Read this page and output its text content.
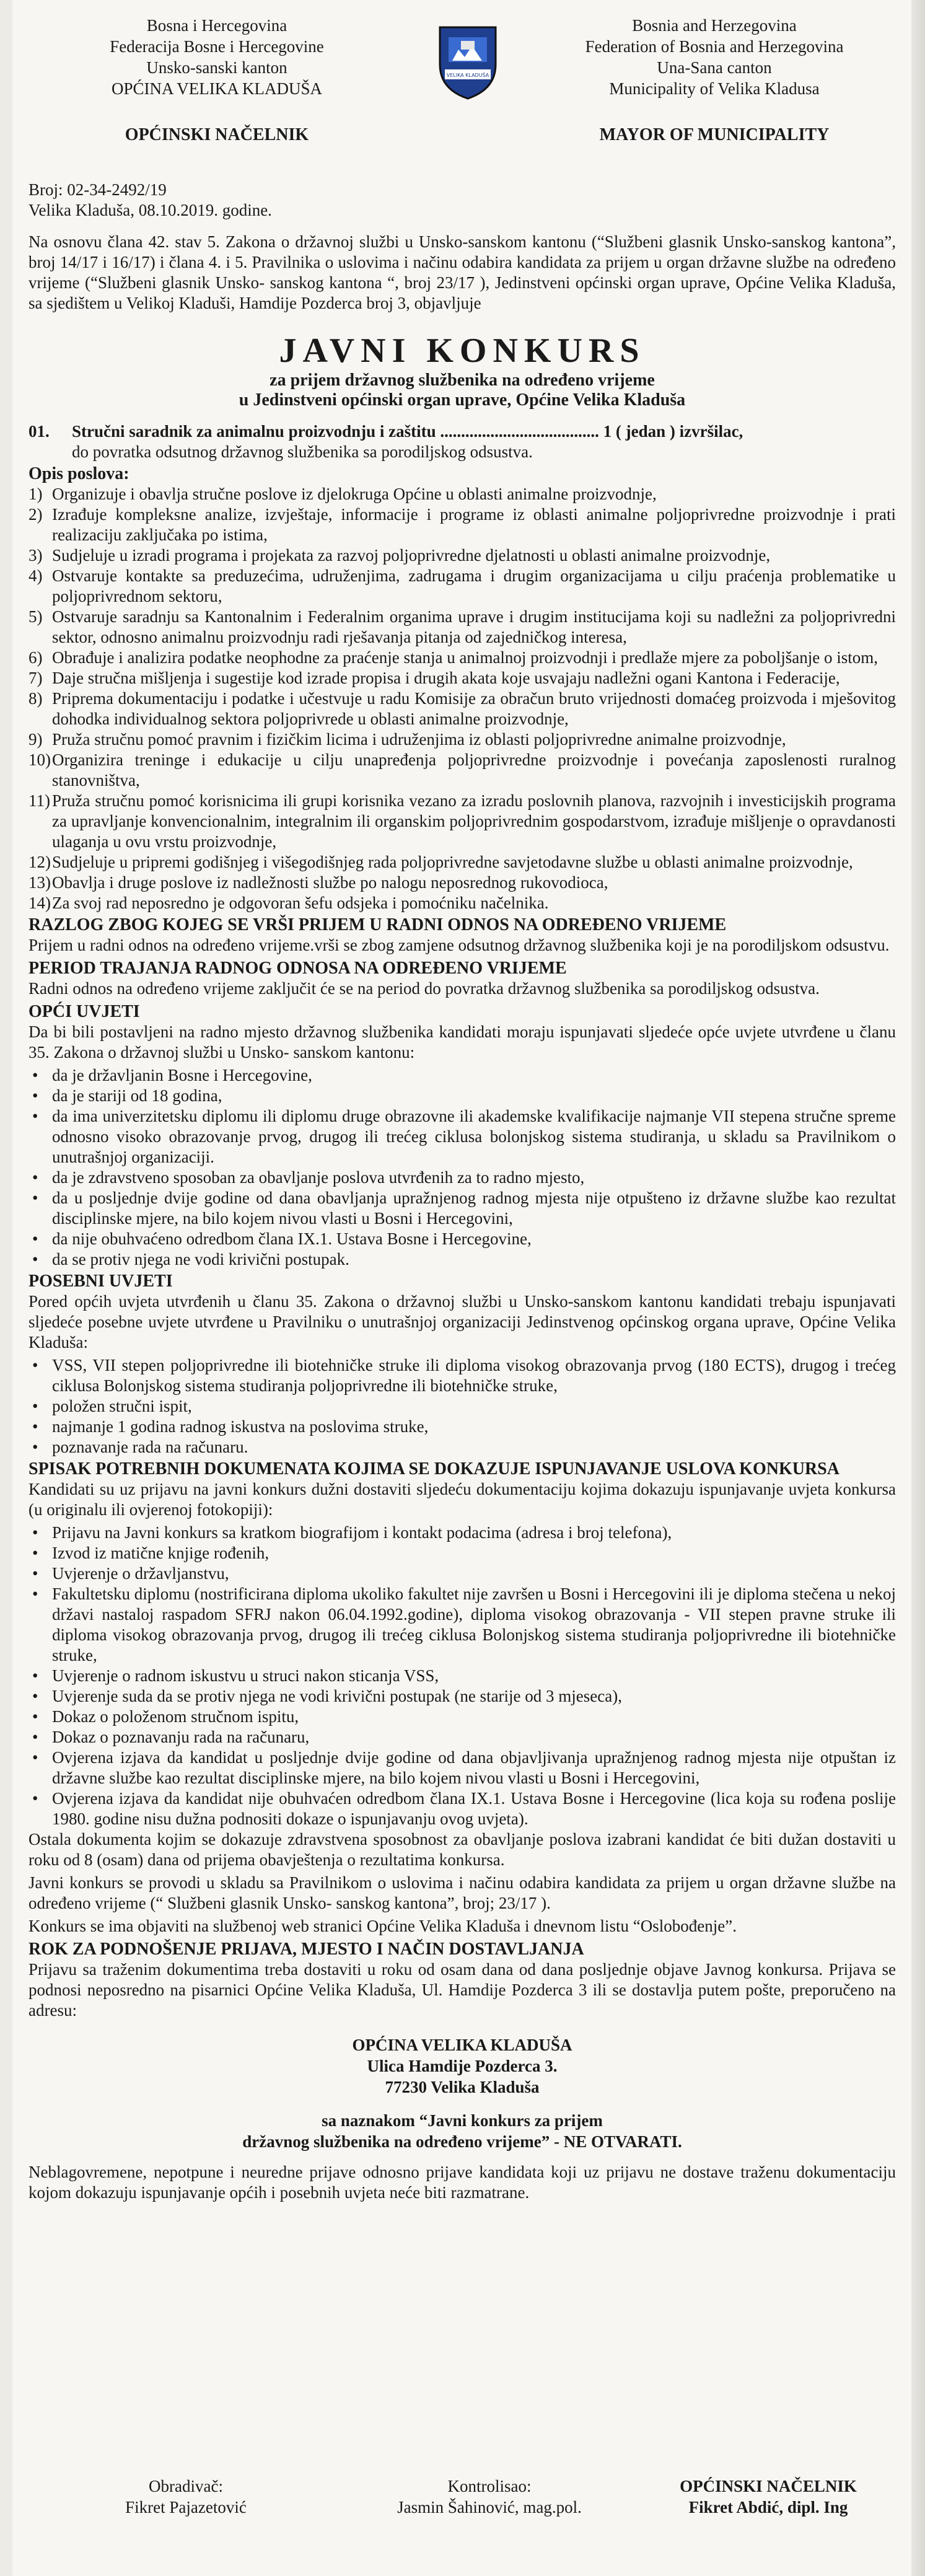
Bosna i Hercegovina
Federacija Bosne i Hercegovine
Unsko-sanski kanton
OPĆINA VELIKA KLADUŠA
VELIKA KLADUŠA
Bosnia and Herzegovina
Federation of Bosnia and Herzegovina
Una-Sana canton
Municipality of Velika Kladusa
OPĆINSKI NAČELNIK	MAYOR OF MUNICIPALITY
Broj: 02-34-2492/19
Velika Kladuša, 08.10.2019. godine.
Na osnovu člana 42. stav 5. Zakona o državnoj službi u Unsko-sanskom kantonu (“Službeni glasnik Unsko-sanskog kantona”, broj 14/17 i 16/17) i člana 4. i 5. Pravilnika o uslovima i načinu odabira kandidata za prijem u organ državne službe na određeno vrijeme (“Službeni glasnik Unsko- sanskog kantona “, broj 23/17 ), Jedinstveni općinski organ uprave, Općine Velika Kladuša, sa sjedištem u Velikoj Kladuši, Hamdije Pozderca broj 3, objavljuje
JAVNI KONKURS
za prijem državnog službenika na određeno vrijeme
u Jedinstveni općinski organ uprave, Općine Velika Kladuša
01.	Stručni saradnik za animalnu proizvodnju i zaštitu ...................................... 1 ( jedan ) izvršilac,
do povratka odsutnog državnog službenika sa porodiljskog odsustva.
Opis poslova:
1) Organizuje i obavlja stručne poslove iz djelokruga Općine u oblasti animalne proizvodnje,
2) Izrađuje kompleksne analize, izvještaje, informacije i programe iz oblasti animalne poljoprivredne proizvodnje i prati realizaciju zaključaka po istima,
3) Sudjeluje u izradi programa i projekata za razvoj poljoprivredne djelatnosti u oblasti animalne proizvodnje,
4) Ostvaruje kontakte sa preduzećima, udruženjima, zadrugama i drugim organizacijama u cilju praćenja problematike u poljoprivrednom sektoru,
5) Ostvaruje saradnju sa Kantonalnim i Federalnim organima uprave i drugim institucijama koji su nadležni za poljoprivredni sektor, odnosno animalnu proizvodnju radi rješavanja pitanja od zajedničkog interesa,
6) Obrađuje i analizira podatke neophodne za praćenje stanja u animalnoj proizvodnji i predlaže mjere za poboljšanje o istom,
7) Daje stručna mišljenja i sugestije kod izrade propisa i drugih akata koje usvajaju nadležni ogani Kantona i Federacije,
8) Priprema dokumentaciju i podatke i učestvuje u radu Komisije za obračun bruto vrijednosti domaćeg proizvoda i mješovitog dohodka individualnog sektora poljoprivrede u oblasti animalne proizvodnje,
9) Pruža stručnu pomoć pravnim i fizičkim licima i udruženjima iz oblasti poljoprivredne animalne proizvodnje,
10) Organizira treninge i edukacije u cilju unapređenja poljoprivredne proizvodnje i povećanja zaposlenosti ruralnog stanovništva,
11) Pruža stručnu pomoć korisnicima ili grupi korisnika vezano za izradu poslovnih planova, razvojnih i investicijskih programa za upravljanje konvencionalnim, integralnim ili organskim poljoprivrednim gospodarstvom, izrađuje mišljenje o opravdanosti ulaganja u ovu vrstu proizvodnje,
12) Sudjeluje u pripremi godišnjeg i višegodišnjeg rada poljoprivredne savjetodavne službe u oblasti animalne proizvodnje,
13) Obavlja i druge poslove iz nadležnosti službe po nalogu neposrednog rukovodioca,
14) Za svoj rad neposredno je odgovoran šefu odsjeka i pomoćniku načelnika.
RAZLOG ZBOG KOJEG SE VRŠI PRIJEM U RADNI ODNOS NA ODREĐENO VRIJEME
Prijem u radni odnos na određeno vrijeme.vrši se zbog zamjene odsutnog državnog službenika koji je na porodiljskom odsustvu.
PERIOD TRAJANJA RADNOG ODNOSA NA ODREĐENO VRIJEME
Radni odnos na određeno vrijeme zaključit će se na period do povratka državnog službenika sa porodiljskog odsustva.
OPĆI UVJETI
Da bi bili postavljeni na radno mjesto državnog službenika kandidati moraju ispunjavati sljedeće opće uvjete utvrđene u članu 35. Zakona o državnoj službi u Unsko- sanskom kantonu:
• da je državljanin Bosne i Hercegovine,
• da je stariji od 18 godina,
• da ima univerzitetsku diplomu ili diplomu druge obrazovne ili akademske kvalifikacije najmanje VII stepena stručne spreme odnosno visoko obrazovanje prvog, drugog ili trećeg ciklusa bolonjskog sistema studiranja, u skladu sa Pravilnikom o unutrašnjoj organizaciji.
• da je zdravstveno sposoban za obavljanje poslova utvrđenih za to radno mjesto,
• da u posljednje dvije godine od dana obavljanja upražnjenog radnog mjesta nije otpušteno iz državne službe kao rezultat disciplinske mjere, na bilo kojem nivou vlasti u Bosni i Hercegovini,
• da nije obuhvaćeno odredbom člana IX.1. Ustava Bosne i Hercegovine,
• da se protiv njega ne vodi krivični postupak.
POSEBNI UVJETI
Pored općih uvjeta utvrđenih u članu 35. Zakona o državnoj službi u Unsko-sanskom kantonu kandidati trebaju ispunjavati sljedeće posebne uvjete utvrđene u Pravilniku o unutrašnjoj organizaciji Jedinstvenog općinskog organa uprave, Općine Velika Kladuša:
• VSS, VII stepen poljoprivredne ili biotehničke struke ili diploma visokog obrazovanja prvog (180 ECTS), drugog i trećeg ciklusa Bolonjskog sistema studiranja poljoprivredne ili biotehničke struke,
• položen stručni ispit,
• najmanje 1 godina radnog iskustva na poslovima struke,
• poznavanje rada na računaru.
SPISAK POTREBNIH DOKUMENATA KOJIMA SE DOKAZUJE ISPUNJAVANJE USLOVA KONKURSA
Kandidati su uz prijavu na javni konkurs dužni dostaviti sljedeću dokumentaciju kojima dokazuju ispunjavanje uvjeta konkursa (u originalu ili ovjerenoj fotokopiji):
• Prijavu na Javni konkurs sa kratkom biografijom i kontakt podacima (adresa i broj telefona),
• Izvod iz matične knjige rođenih,
• Uvjerenje o državljanstvu,
• Fakultetsku diplomu (nostrificirana diploma ukoliko fakultet nije završen u Bosni i Hercegovini ili je diploma stečena u nekoj državi nastaloj raspadom SFRJ nakon 06.04.1992.godine), diploma visokog obrazovanja - VII stepen pravne struke ili diploma visokog obrazovanja prvog, drugog ili trećeg ciklusa Bolonjskog sistema studiranja poljoprivredne ili biotehničke struke,
• Uvjerenje o radnom iskustvu u struci nakon sticanja VSS,
• Uvjerenje suda da se protiv njega ne vodi krivični postupak (ne starije od 3 mjeseca),
• Dokaz o položenom stručnom ispitu,
• Dokaz o poznavanju rada na računaru,
• Ovjerena izjava da kandidat u posljednje dvije godine od dana objavljivanja upražnjenog radnog mjesta nije otpuštan iz državne službe kao rezultat disciplinske mjere, na bilo kojem nivou vlasti u Bosni i Hercegovini,
• Ovjerena izjava da kandidat nije obuhvaćen odredbom člana IX.1. Ustava Bosne i Hercegovine (lica koja su rođena poslije 1980. godine nisu dužna podnositi dokaze o ispunjavanju ovog uvjeta).
Ostala dokumenta kojim se dokazuje zdravstvena sposobnost za obavljanje poslova izabrani kandidat će biti dužan dostaviti u roku od 8 (osam) dana od prijema obavještenja o rezultatima konkursa.
Javni konkurs se provodi u skladu sa Pravilnikom o uslovima i načinu odabira kandidata za prijem u organ državne službe na određeno vrijeme (“ Službeni glasnik Unsko- sanskog kantona”, broj; 23/17 ).
Konkurs se ima objaviti na službenoj web stranici Općine Velika Kladuša i dnevnom listu “Oslobođenje”.
ROK ZA PODNOŠENJE PRIJAVA, MJESTO I NAČIN DOSTAVLJANJA
Prijavu sa traženim dokumentima treba dostaviti u roku od osam dana od dana posljednje objave Javnog konkursa. Prijava se podnosi neposredno na pisarnici Općine Velika Kladuša, Ul. Hamdije Pozderca 3 ili se dostavlja putem pošte, preporučeno na adresu:
OPĆINA VELIKA KLADUŠA
Ulica Hamdije Pozderca 3.
77230 Velika Kladuša
sa naznakom “Javni konkurs za prijem
državnog službenika na određeno vrijeme” - NE OTVARATI.
Neblagovremene, nepotpune i neuredne prijave odnosno prijave kandidata koji uz prijavu ne dostave traženu dokumentaciju kojom dokazuju ispunjavanje općih i posebnih uvjeta neće biti razmatrane.
Obradivač:
Fikret Pajazetović
Kontrolisao:
Jasmin Šahinović, mag.pol.
OPĆINSKI NAČELNIK
Fikret Abdić, dipl. Ing
